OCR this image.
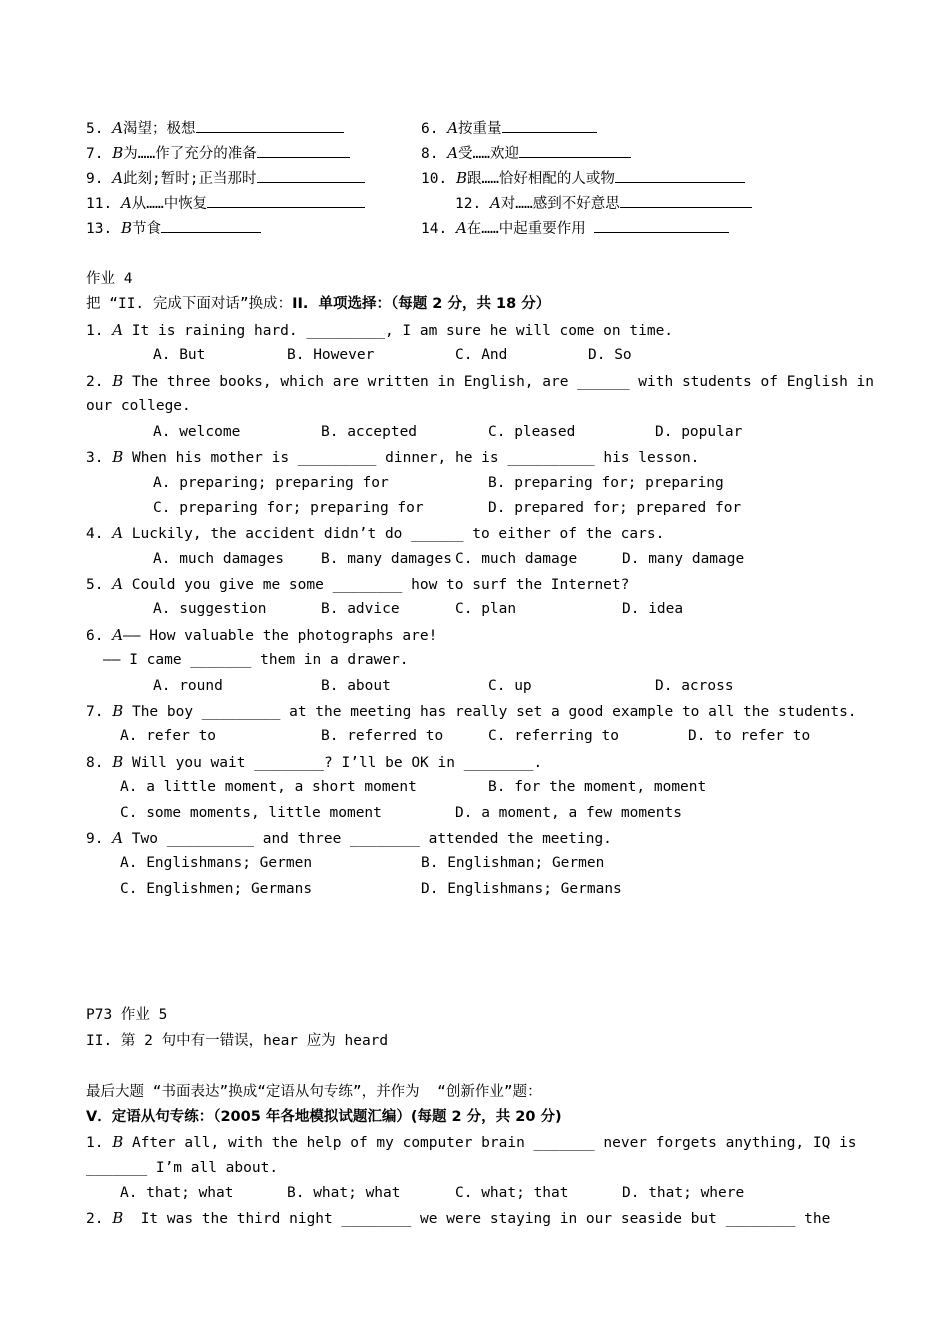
5. A渴望；极想	6. A按重量
7. B为……作了充分的准备	8. A受……欢迎
9. A此刻;暂时;正当那时	10. B跟……恰好相配的人或物
11. A从……中恢复	12. A对……感到不好意思
13. B节食	14. A在……中起重要作用
作业 4
把 “II. 完成下面对话”换成：II.  单项选择：（每题 2 分，共 18 分）
1. A It is raining hard. _________, I am sure he will come on time.
A. But	B. However	C. And	D. So
2. B The three books, which are written in English, are ______ with students of English in
our college.
A. welcome	B. accepted	C. pleased	D. popular
3. B When his mother is _________ dinner, he is __________ his lesson.
A. preparing; preparing for	B. preparing for; preparing
C. preparing for; preparing for	D. prepared for; prepared for
4. A Luckily, the accident didn’t do ______ to either of the cars.
A. much damages	B. many damages C. much damage	D. many damage
5. A Could you give me some ________ how to surf the Internet?
A. suggestion	B. advice	C. plan	D. idea
6. A—— How valuable the photographs are!
—— I came _______ them in a drawer.
A. round	B. about	C. up	D. across
7. B The boy _________ at the meeting has really set a good example to all the students.
A. refer to	B. referred to	C. referring to	D. to refer to
8. B Will you wait ________? I’ll be OK in ________.
A. a little moment, a short moment	B. for the moment, moment
C. some moments, little moment	D. a moment, a few moments
9. A Two __________ and three ________ attended the meeting.
A. Englishmans; Germen	B. Englishman; Germen
C. Englishmen; Germans	D. Englishmans; Germans
P73 作业 5
II. 第 2 句中有一错误，hear 应为 heard
最后大题 “书面表达”换成“定语从句专练”，并作为  “创新作业”题：
V．定语从句专练：（2005 年各地模拟试题汇编）(每题 2 分，共 20 分)
1. B After all, with the help of my computer brain _______ never forgets anything, IQ is
_______ I’m all about.
A. that; what	B. what; what	C. what; that	D. that; where
2. B  It was the third night ________ we were staying in our seaside but ________ the
